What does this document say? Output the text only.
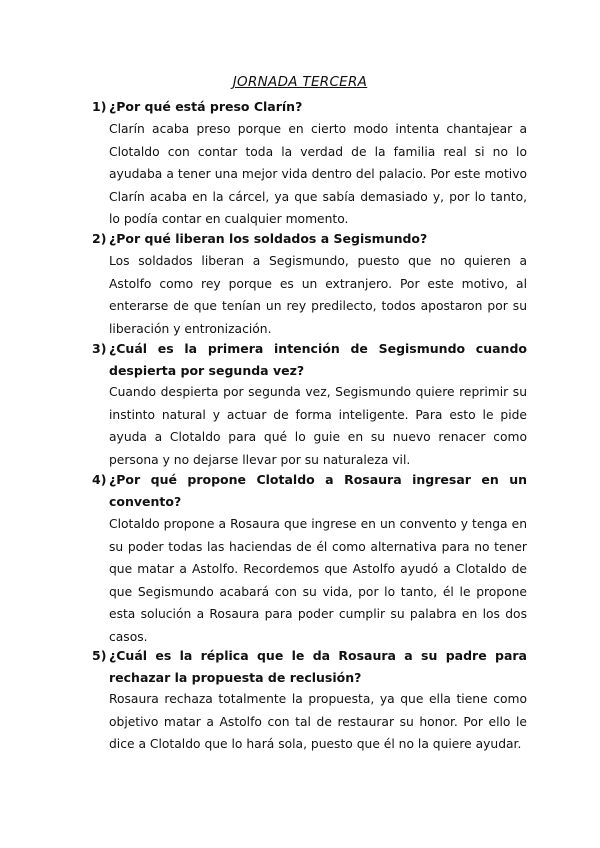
JORNADA TERCERA
1) ¿Por qué está preso Clarín?
Clarín acaba preso porque en cierto modo intenta chantajear a Clotaldo con contar toda la verdad de la familia real si no lo ayudaba a tener una mejor vida dentro del palacio. Por este motivo Clarín acaba en la cárcel, ya que sabía demasiado y, por lo tanto, lo podía contar en cualquier momento.
2) ¿Por qué liberan los soldados a Segismundo?
Los soldados liberan a Segismundo, puesto que no quieren a Astolfo como rey porque es un extranjero. Por este motivo, al enterarse de que tenían un rey predilecto, todos apostaron por su liberación y entronización.
3) ¿Cuál es la primera intención de Segismundo cuando despierta por segunda vez?
Cuando despierta por segunda vez, Segismundo quiere reprimir su instinto natural y actuar de forma inteligente. Para esto le pide ayuda a Clotaldo para qué lo guie en su nuevo renacer como persona y no dejarse llevar por su naturaleza vil.
4) ¿Por qué propone Clotaldo a Rosaura ingresar en un convento?
Clotaldo propone a Rosaura que ingrese en un convento y tenga en su poder todas las haciendas de él como alternativa para no tener que matar a Astolfo. Recordemos que Astolfo ayudó a Clotaldo de que Segismundo acabará con su vida, por lo tanto, él le propone esta solución a Rosaura para poder cumplir su palabra en los dos casos.
5) ¿Cuál es la réplica que le da Rosaura a su padre para rechazar la propuesta de reclusión?
Rosaura rechaza totalmente la propuesta, ya que ella tiene como objetivo matar a Astolfo con tal de restaurar su honor. Por ello le dice a Clotaldo que lo hará sola, puesto que él no la quiere ayudar.
